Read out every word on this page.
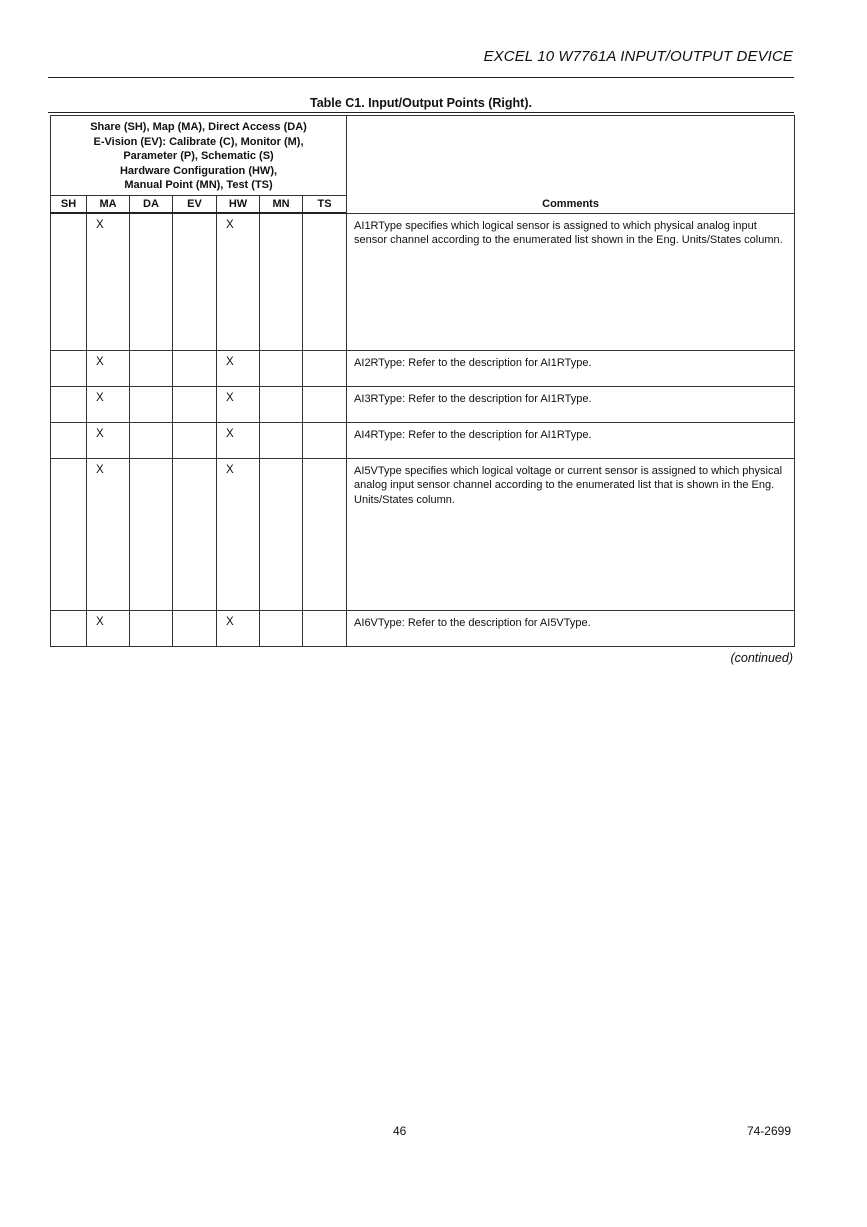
EXCEL 10 W7761A INPUT/OUTPUT DEVICE
Table C1. Input/Output Points (Right).
Share (SH), Map (MA), Direct Access (DA)
E-Vision (EV): Calibrate (C), Monitor (M),
Parameter (P), Schematic (S)
Hardware Configuration (HW),
Manual Point (MN), Test (TS)							Comments

SH	MA	DA	EV	HW	MN	TS	
	X			X			AI1RType specifies which logical sensor is assigned to which physical analog input sensor channel according to the enumerated list shown in the Eng. Units/States column.
	X			X			AI2RType: Refer to the description for AI1RType.
	X			X			AI3RType: Refer to the description for AI1RType.
	X			X			AI4RType: Refer to the description for AI1RType.
	X			X			AI5VType specifies which logical voltage or current sensor is assigned to which physical analog input sensor channel according to the enumerated list that is shown in the Eng. Units/States column.
	X			X			AI6VType: Refer to the description for AI5VType.
(continued)
46	74-2699
